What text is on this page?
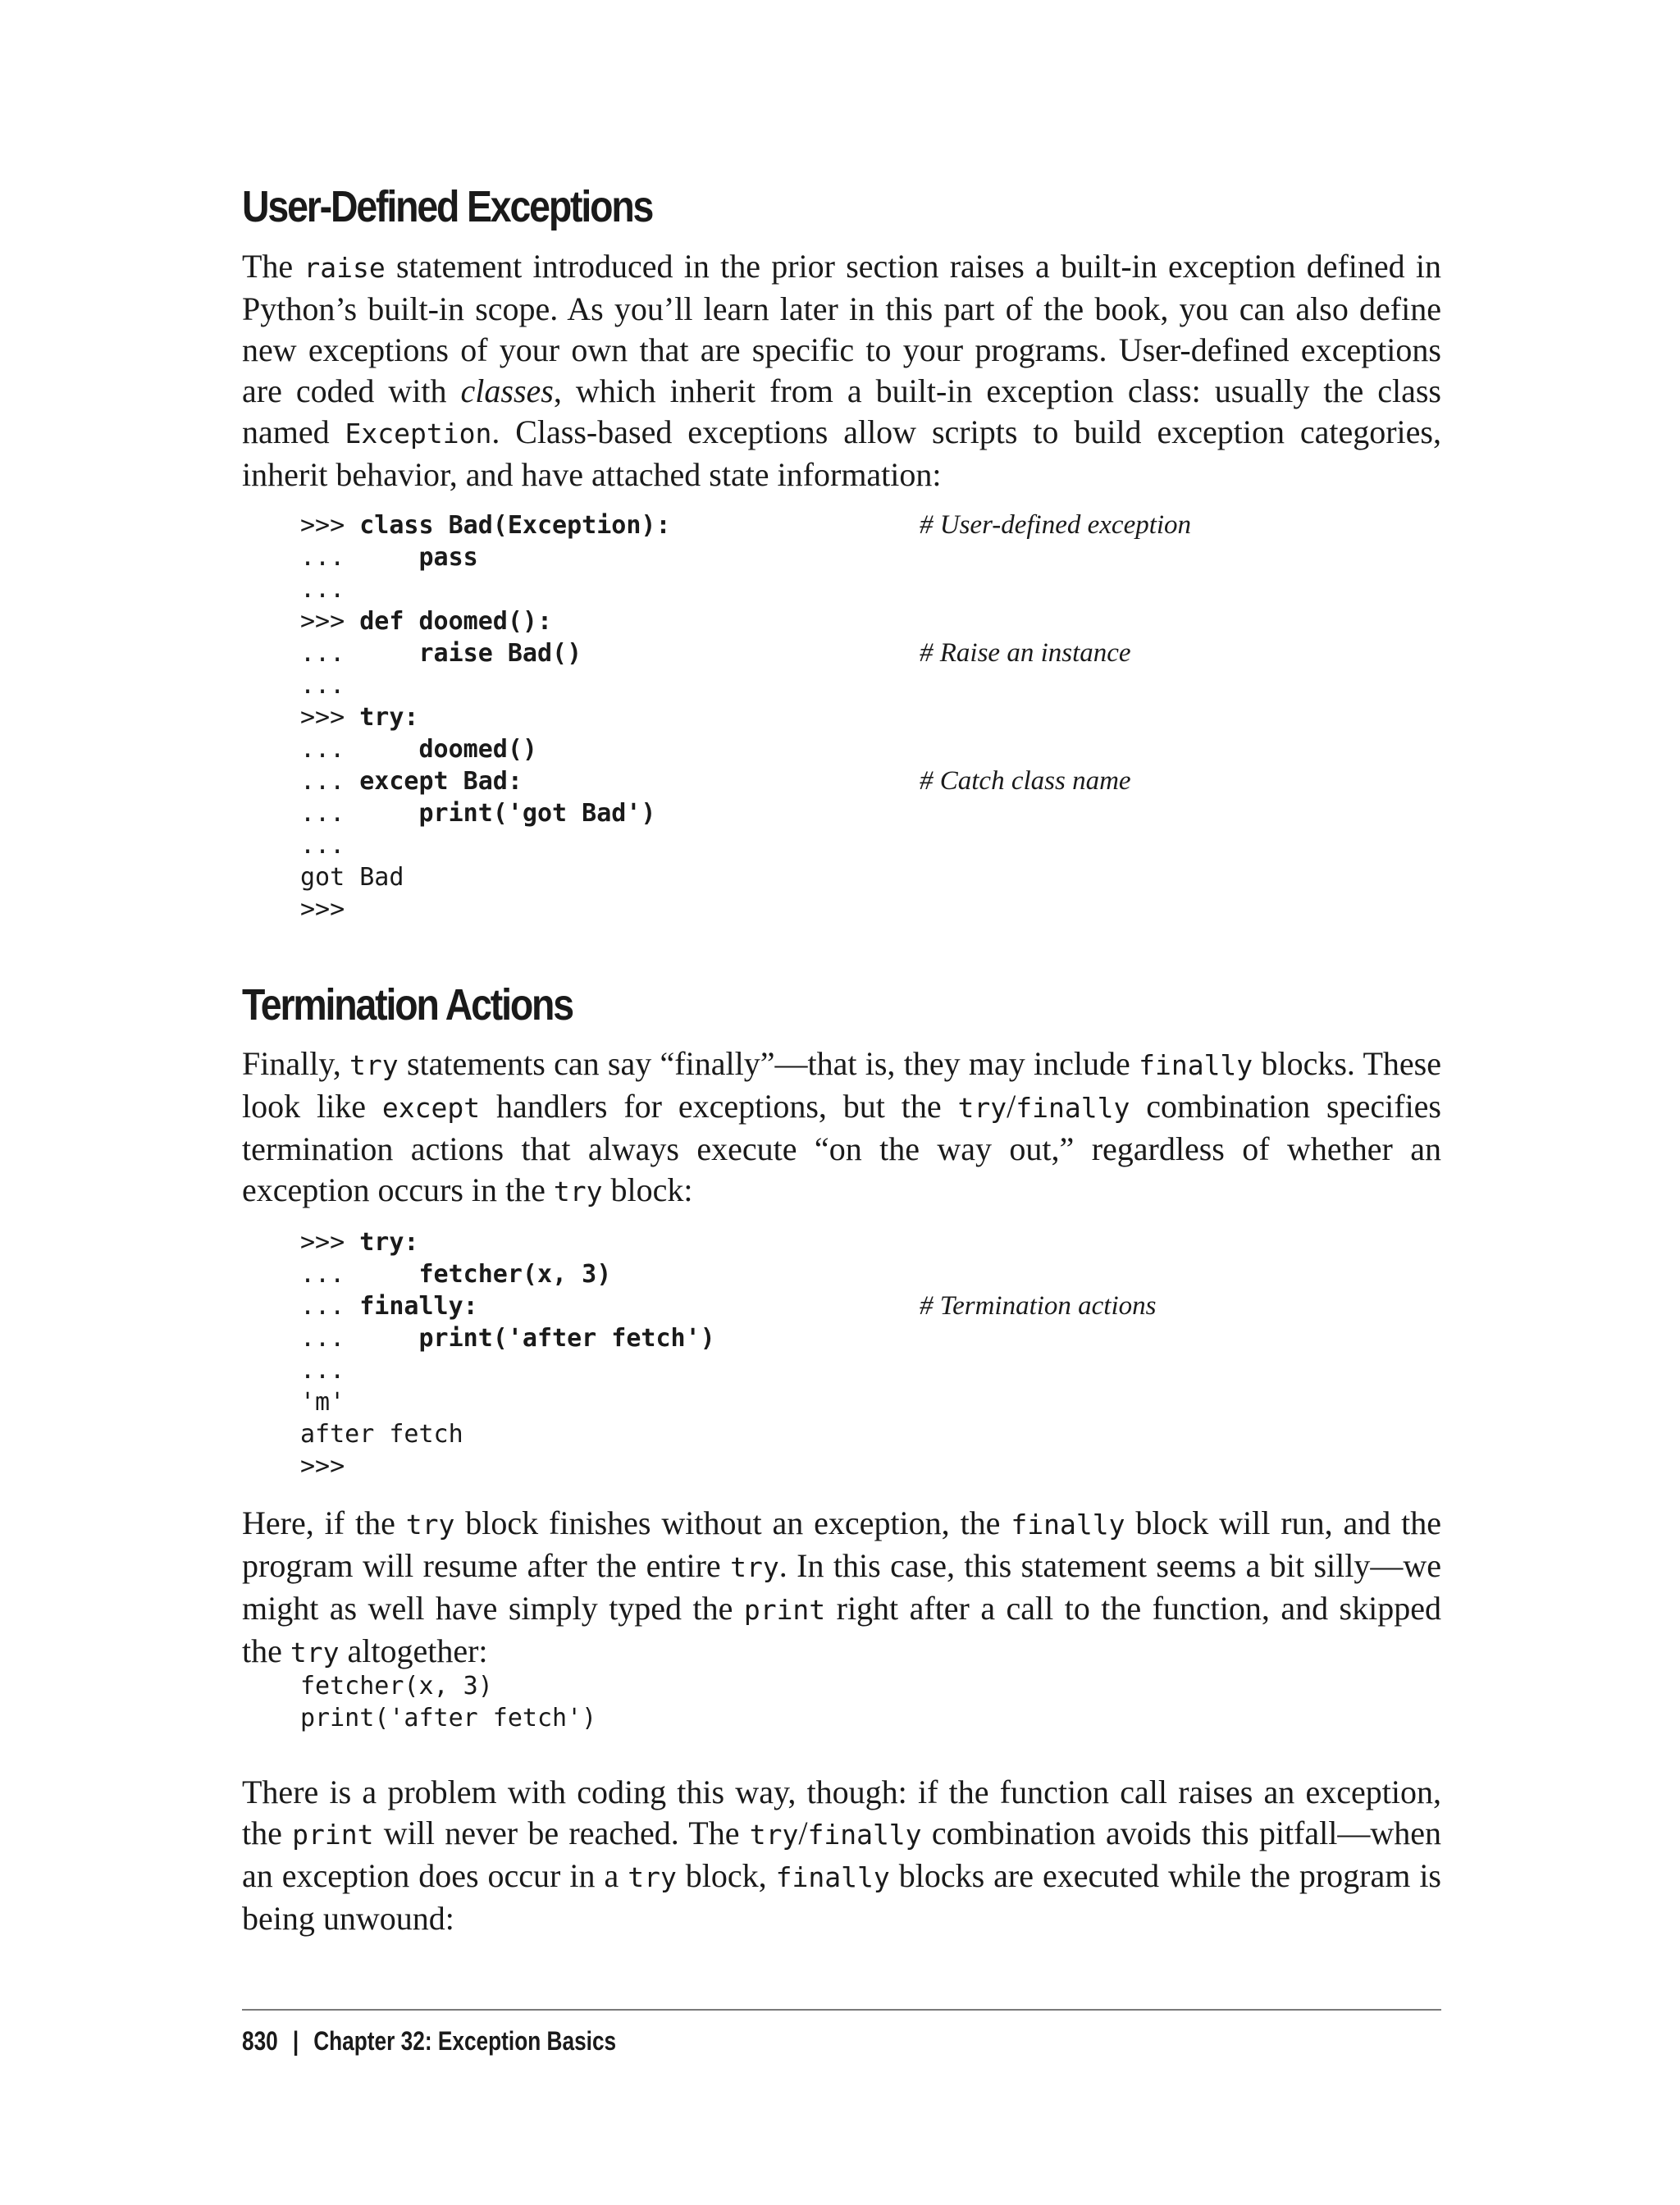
User-Defined Exceptions

The raise statement introduced in the prior section raises a built-in exception defined in Python’s built-in scope. As you’ll learn later in this part of the book, you can also define new exceptions of your own that are specific to your programs. User-defined exceptions are coded with classes, which inherit from a built-in exception class: usually the class named Exception. Class-based exceptions allow scripts to build exception categories, inherit behavior, and have attached state information:

>>> class Bad(Exception):	# User-defined exception
...     pass
...
>>> def doomed():
...     raise Bad()	# Raise an instance
...
>>> try:
...     doomed()
... except Bad:	# Catch class name
...     print('got Bad')
...
got Bad
>>>
Termination Actions

Finally, try statements can say “finally”—that is, they may include finally blocks. These look like except handlers for exceptions, but the try/finally combination specifies termination actions that always execute “on the way out,” regardless of whether an exception occurs in the try block:

>>> try:
...     fetcher(x, 3)
... finally:	# Termination actions
...     print('after fetch')
...
'm'
after fetch
>>>

Here, if the try block finishes without an exception, the finally block will run, and the program will resume after the entire try. In this case, this statement seems a bit silly—we might as well have simply typed the print right after a call to the function, and skipped the try altogether:

fetcher(x, 3)
print('after fetch')

There is a problem with coding this way, though: if the function call raises an exception, the print will never be reached. The try/finally combination avoids this pitfall—when an exception does occur in a try block, finally blocks are executed while the program is being unwound:

830 | Chapter 32: Exception Basics
